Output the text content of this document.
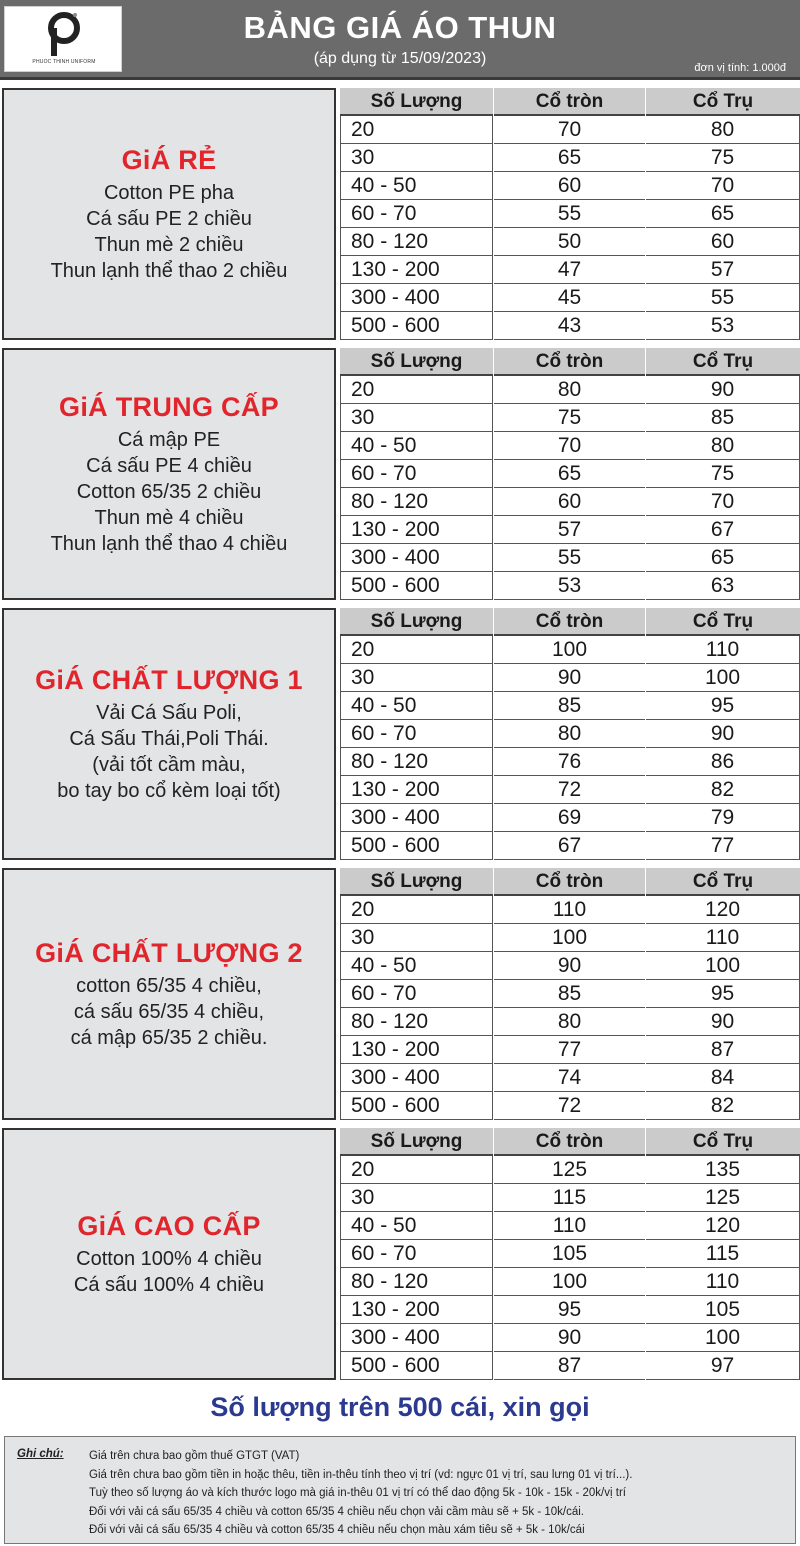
PHUOC THINH UNIFORM
BẢNG GIÁ ÁO THUN
(áp dụng từ 15/09/2023)
đơn vị tính: 1.000đ
GiÁ RẺ
Cotton PE pha
Cá sấu PE 2 chiều
Thun mè 2 chiều
Thun lạnh thể thao 2 chiều
Số Lượng
20
30
40 - 50
60 - 70
80 - 120
130 - 200
300 - 400
500 - 600
Cổ tròn
70
65
60
55
50
47
45
43
Cổ Trụ
80
75
70
65
60
57
55
53
GiÁ TRUNG CẤP
Cá mập PE
Cá sấu PE 4 chiều
Cotton 65/35 2 chiều
Thun mè 4 chiều
Thun lạnh thể thao 4 chiều
Số Lượng
20
30
40 - 50
60 - 70
80 - 120
130 - 200
300 - 400
500 - 600
Cổ tròn
80
75
70
65
60
57
55
53
Cổ Trụ
90
85
80
75
70
67
65
63
GiÁ CHẤT LƯỢNG 1
Vải Cá Sấu Poli,
Cá Sấu Thái,Poli Thái.
(vải tốt cầm màu,
bo tay bo cổ kèm loại tốt)
Số Lượng
20
30
40 - 50
60 - 70
80 - 120
130 - 200
300 - 400
500 - 600
Cổ tròn
100
90
85
80
76
72
69
67
Cổ Trụ
110
100
95
90
86
82
79
77
GiÁ CHẤT LƯỢNG 2
cotton 65/35 4 chiều,
cá sấu 65/35 4 chiều,
cá mập 65/35 2 chiều.
Số Lượng
20
30
40 - 50
60 - 70
80 - 120
130 - 200
300 - 400
500 - 600
Cổ tròn
110
100
90
85
80
77
74
72
Cổ Trụ
120
110
100
95
90
87
84
82
GiÁ CAO CẤP
Cotton 100% 4 chiều
Cá sấu 100% 4 chiều
Số Lượng
20
30
40 - 50
60 - 70
80 - 120
130 - 200
300 - 400
500 - 600
Cổ tròn
125
115
110
105
100
95
90
87
Cổ Trụ
135
125
120
115
110
105
100
97
Số lượng trên 500 cái, xin gọi
Ghi chú: Giá trên chưa bao gồm thuế GTGT (VAT)
Giá trên chưa bao gồm tiền in hoặc thêu, tiền in-thêu tính theo vị trí (vd: ngực 01 vị trí, sau lưng 01 vị trí...).
Tuỳ theo số lượng áo và kích thước logo mà giá in-thêu 01 vị trí có thể dao động 5k - 10k - 15k - 20k/vị trí
Đối với vải cá sấu 65/35 4 chiều và cotton 65/35 4 chiều nếu chọn vải cầm màu sẽ + 5k - 10k/cái.
Đối với vải cá sấu 65/35 4 chiều và cotton 65/35 4 chiều nếu chọn màu xám tiêu sẽ + 5k - 10k/cái
